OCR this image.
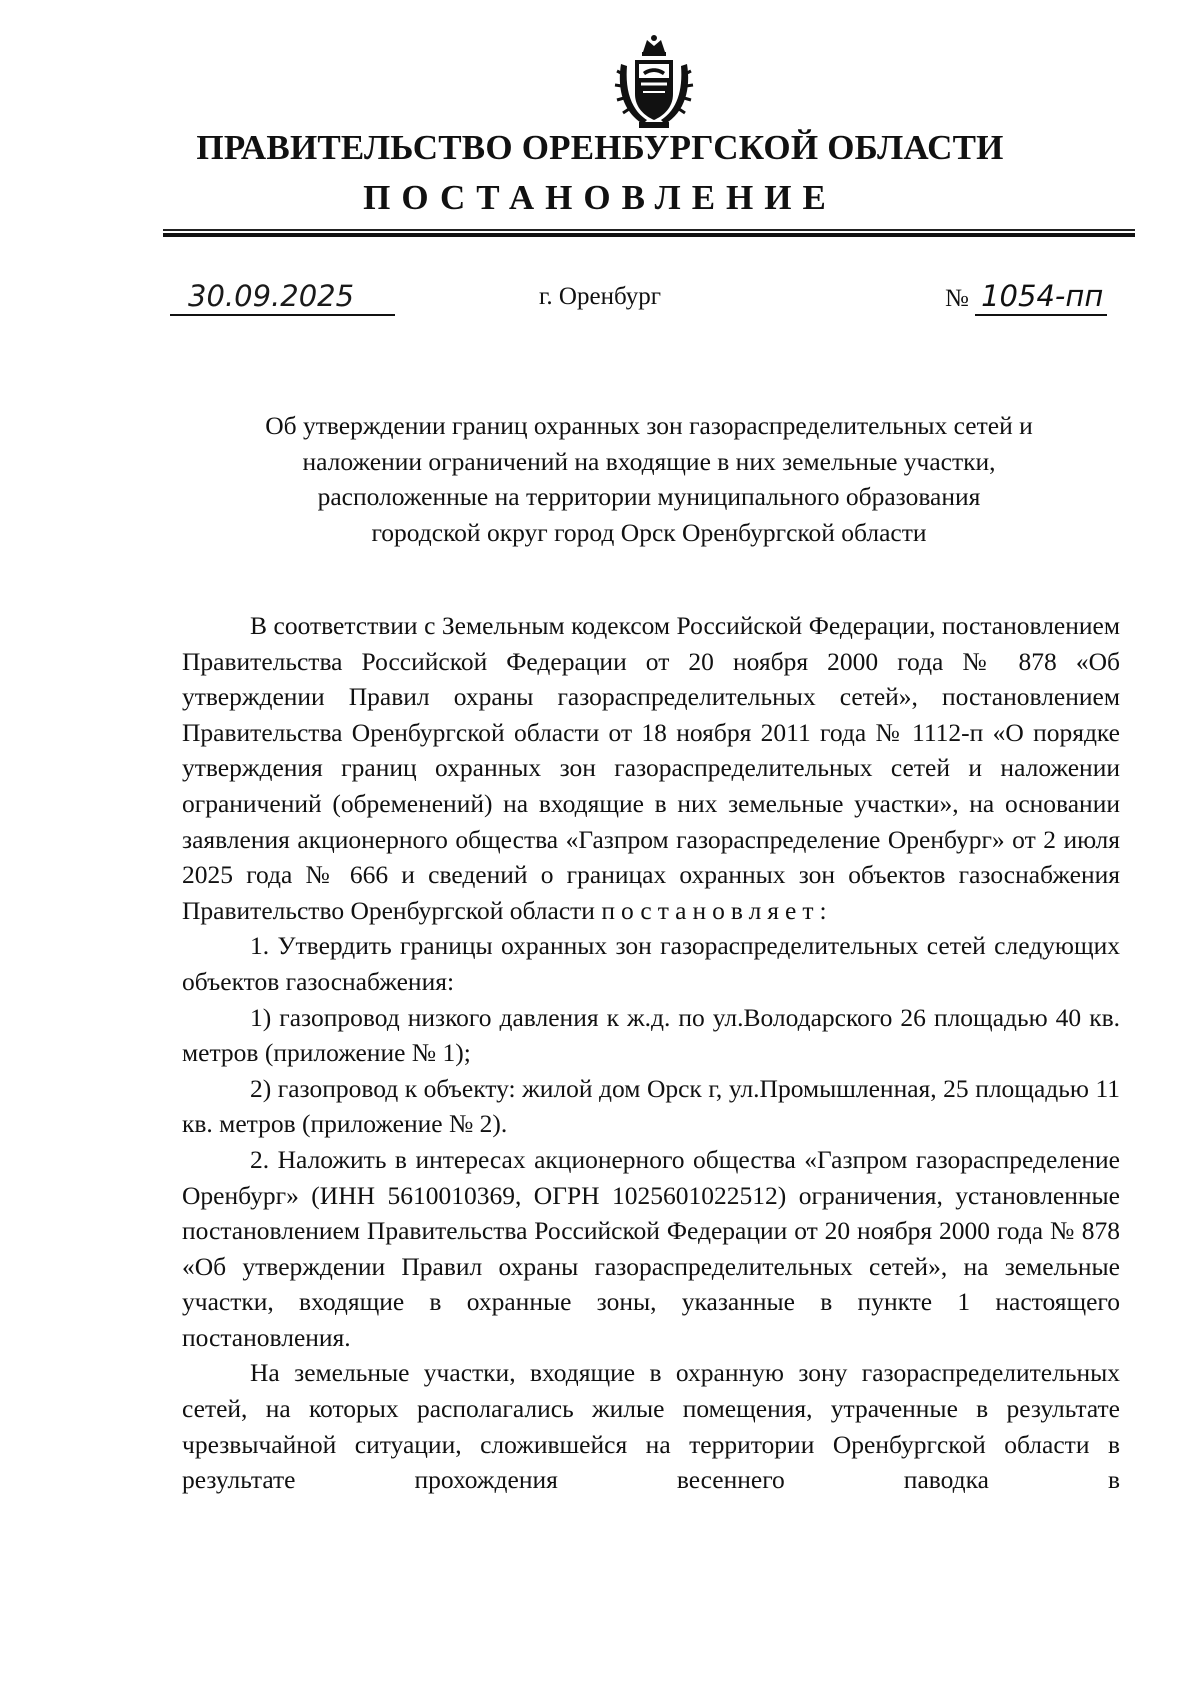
ПРАВИТЕЛЬСТВО ОРЕНБУРГСКОЙ ОБЛАСТИ
ПОСТАНОВЛЕНИЕ
30.09.2025	г. Оренбург	№ 1054-пп
Об утверждении границ охранных зон газораспределительных сетей и
наложении ограничений на входящие в них земельные участки,
расположенные на территории муниципального образования
городской округ город Орск Оренбургской области

В соответствии с Земельным кодексом Российской Федерации, постановлением Правительства Российской Федерации от 20 ноября 2000 года № 878 «Об утверждении Правил охраны газораспределительных сетей», постановлением Правительства Оренбургской области от 18 ноября 2011 года № 1112-п «О порядке утверждения границ охранных зон газораспределительных сетей и наложении ограничений (обременений) на входящие в них земельные участки», на основании заявления акционерного общества «Газпром газораспределение Оренбург» от 2 июля 2025 года № 666 и сведений о границах охранных зон объектов газоснабжения Правительство Оренбургской области постановляет:

1. Утвердить границы охранных зон газораспределительных сетей следующих объектов газоснабжения:

1) газопровод низкого давления к ж.д. по ул.Володарского 26 площадью 40 кв. метров (приложение № 1);

2) газопровод к объекту: жилой дом Орск г, ул.Промышленная, 25 площадью 11 кв. метров (приложение № 2).

2. Наложить в интересах акционерного общества «Газпром газораспределение Оренбург» (ИНН 5610010369, ОГРН 1025601022512) ограничения, установленные постановлением Правительства Российской Федерации от 20 ноября 2000 года № 878 «Об утверждении Правил охраны газораспределительных сетей», на земельные участки, входящие в охранные зоны, указанные в пункте 1 настоящего постановления.

На земельные участки, входящие в охранную зону газораспределительных сетей, на которых располагались жилые помещения, утраченные в результате чрезвычайной ситуации, сложившейся на территории Оренбургской области в результате прохождения весеннего паводка в
